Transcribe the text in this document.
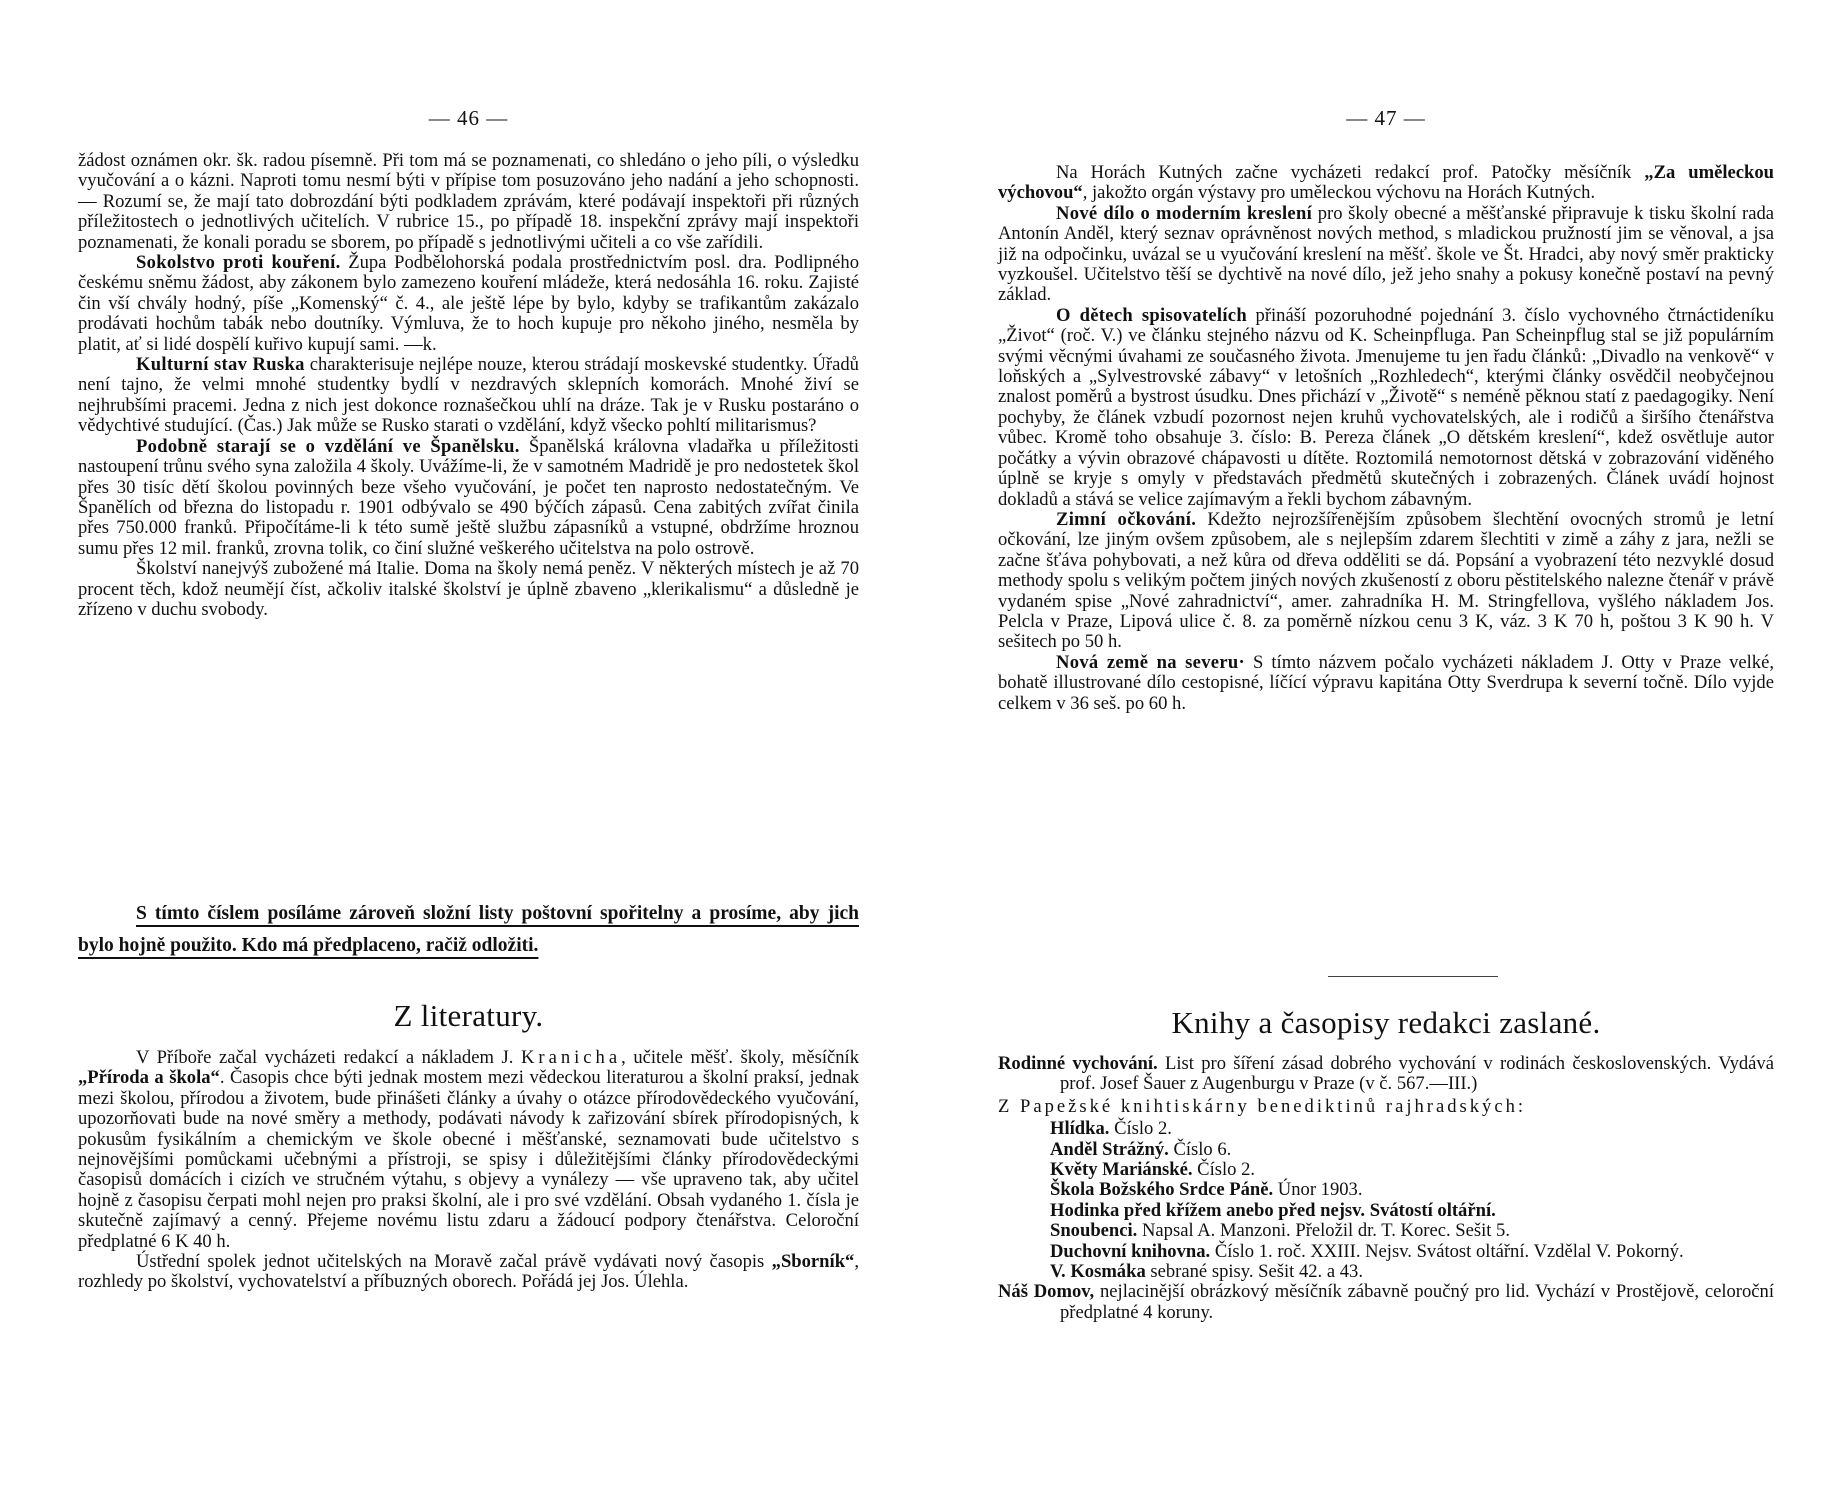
— 46 —

žádost oznámen okr. šk. radou písemně. Při tom má se poznamenati, co shledáno o jeho píli, o výsledku vyučování a o kázni. Naproti tomu nesmí býti v přípise tom posuzováno jeho nadání a jeho schopnosti. — Rozumí se, že mají tato dobrozdání býti podkladem zprávám, které podávají inspektoři při různých příležitostech o jednotlivých učitelích. V rubrice 15., po případě 18. inspekční zprávy mají inspektoři poznamenati, že konali poradu se sborem, po případě s jednotlivými učiteli a co vše zařídili.

Sokolstvo proti kouření. Župa Podbělohorská podala prostřednictvím posl. dra. Podlipného českému sněmu žádost, aby zákonem bylo zamezeno kouření mládeže, která nedosáhla 16. roku. Zajisté čin vší chvály hodný, píše „Komenský“ č. 4., ale ještě lépe by bylo, kdyby se trafikantům zakázalo prodávati hochům tabák nebo doutníky. Výmluva, že to hoch kupuje pro někoho jiného, nesměla by platit, ať si lidé dospělí kuřivo kupují sami. —k.

Kulturní stav Ruska charakterisuje nejlépe nouze, kterou strádají moskevské studentky. Úřadů není tajno, že velmi mnohé studentky bydlí v nezdravých sklepních komorách. Mnohé živí se nejhrubšími pracemi. Jedna z nich jest dokonce roznašečkou uhlí na dráze. Tak je v Rusku postaráno o vědychtivé studující. (Čas.) Jak může se Rusko starati o vzdělání, když všecko pohltí militarismus?

Podobně starají se o vzdělání ve Španělsku. Španělská královna vladařka u příležitosti nastoupení trůnu svého syna založila 4 školy. Uvážíme-li, že v samotném Madridě je pro nedostetek škol přes 30 tisíc dětí školou povinných beze všeho vyučování, je počet ten naprosto nedostatečným. Ve Španělích od března do listopadu r. 1901 odbývalo se 490 býčích zápasů. Cena zabitých zvířat činila přes 750.000 franků. Připočítáme-li k této sumě ještě službu zápasníků a vstupné, obdržíme hroznou sumu přes 12 mil. franků, zrovna tolik, co činí služné veškerého učitelstva na polo ostrově.

Školství nanejvýš zubožené má Italie. Doma na školy nemá peněz. V některých místech je až 70 procent těch, kdož neumějí číst, ačkoliv italské školství je úplně zbaveno „klerikalismu“ a důsledně je zřízeno v duchu svobody.

S tímto číslem posíláme zároveň složní listy poštovní spořitelny a prosíme, aby jich bylo hojně použito. Kdo má předplaceno, račiž odložiti.

Z literatury.

V Příboře začal vycházeti redakcí a nákladem J. Kranicha, učitele měšť. školy, měsíčník „Příroda a škola“. Časopis chce býti jednak mostem mezi vědeckou literaturou a školní praksí, jednak mezi školou, přírodou a životem, bude přinášeti články a úvahy o otázce přírodovědeckého vyučování, upozorňovati bude na nové směry a methody, podávati návody k zařizování sbírek přírodopisných, k pokusům fysikálním a chemickým ve škole obecné i měšťanské, seznamovati bude učitelstvo s nejnovějšími pomůckami učebnými a přístroji, se spisy i důležitějšími články přírodovědeckými časopisů domácích i cizích ve stručném výtahu, s objevy a vynálezy — vše upraveno tak, aby učitel hojně z časopisu čerpati mohl nejen pro praksi školní, ale i pro své vzdělání. Obsah vydaného 1. čísla je skutečně zajímavý a cenný. Přejeme novému listu zdaru a žádoucí podpory čtenářstva. Celoroční předplatné 6 K 40 h.

Ústřední spolek jednot učitelských na Moravě začal právě vydávati nový časopis „Sborník“, rozhledy po školství, vychovatelství a příbuzných oborech. Pořádá jej Jos. Úlehla.

— 47 —

Na Horách Kutných začne vycházeti redakcí prof. Patočky měsíčník „Za uměleckou výchovou“, jakožto orgán výstavy pro uměleckou výchovu na Horách Kutných.

Nové dílo o moderním kreslení pro školy obecné a měšťanské připravuje k tisku školní rada Antonín Anděl, který seznav oprávněnost nových method, s mladickou pružností jim se věnoval, a jsa již na odpočinku, uvázal se u vyučování kreslení na měšť. škole ve Št. Hradci, aby nový směr prakticky vyzkoušel. Učitelstvo těší se dychtivě na nové dílo, jež jeho snahy a pokusy konečně postaví na pevný základ.

O dětech spisovatelích přináší pozoruhodné pojednání 3. číslo vychovného čtrnáctideníku „Život“ (roč. V.) ve článku stejného názvu od K. Scheinpfluga. Pan Scheinpflug stal se již populárním svými věcnými úvahami ze současného života. Jmenujeme tu jen řadu článků: „Divadlo na venkově“ v loňských a „Sylvestrovské zábavy“ v letošních „Rozhledech“, kterými články osvědčil neobyčejnou znalost poměrů a bystrost úsudku. Dnes přichází v „Životě“ s neméně pěknou statí z paedagogiky. Není pochyby, že článek vzbudí pozornost nejen kruhů vychovatelských, ale i rodičů a širšího čtenářstva vůbec. Kromě toho obsahuje 3. číslo: B. Pereza článek „O dětském kreslení“, kdež osvětluje autor počátky a vývin obrazové chápavosti u dítěte. Roztomilá nemotornost dětská v zobrazování viděného úplně se kryje s omyly v představách předmětů skutečných i zobrazených. Článek uvádí hojnost dokladů a stává se velice zajímavým a řekli bychom zábavným.

Zimní očkování. Kdežto nejrozšířenějším způsobem šlechtění ovocných stromů je letní očkování, lze jiným ovšem způsobem, ale s nejlepším zdarem šlechtiti v zimě a záhy z jara, nežli se začne šťáva pohybovati, a než kůra od dřeva odděliti se dá. Popsání a vyobrazení této nezvyklé dosud methody spolu s velikým počtem jiných nových zkušeností z oboru pěstitelského nalezne čtenář v právě vydaném spise „Nové zahradnictví“, amer. zahradníka H. M. Stringfellova, vyšlého nákladem Jos. Pelcla v Praze, Lipová ulice č. 8. za poměrně nízkou cenu 3 K, váz. 3 K 70 h, poštou 3 K 90 h. V sešitech po 50 h.

Nová země na severu· S tímto názvem počalo vycházeti nákladem J. Otty v Praze velké, bohatě illustrované dílo cestopisné, líčící výpravu kapitána Otty Sverdrupa k severní točně. Dílo vyjde celkem v 36 seš. po 60 h.

Knihy a časopisy redakci zaslané.

Rodinné vychování. List pro šíření zásad dobrého vychování v rodinách československých. Vydává prof. Josef Šauer z Augenburgu v Praze (v č. 567.—III.)

Z Papežské knihtiskárny benediktinů rajhradských:

Hlídka. Číslo 2.

Anděl Strážný. Číslo 6.

Květy Mariánské. Číslo 2.

Škola Božského Srdce Páně. Únor 1903.

Hodinka před křížem anebo před nejsv. Svátostí oltářní.

Snoubenci. Napsal A. Manzoni. Přeložil dr. T. Korec. Sešit 5.

Duchovní knihovna. Číslo 1. roč. XXIII. Nejsv. Svátost oltářní. Vzdělal V. Pokorný.

V. Kosmáka sebrané spisy. Sešit 42. a 43.

Náš Domov, nejlacinější obrázkový měsíčník zábavně poučný pro lid. Vychází v Prostějově, celoroční předplatné 4 koruny.
